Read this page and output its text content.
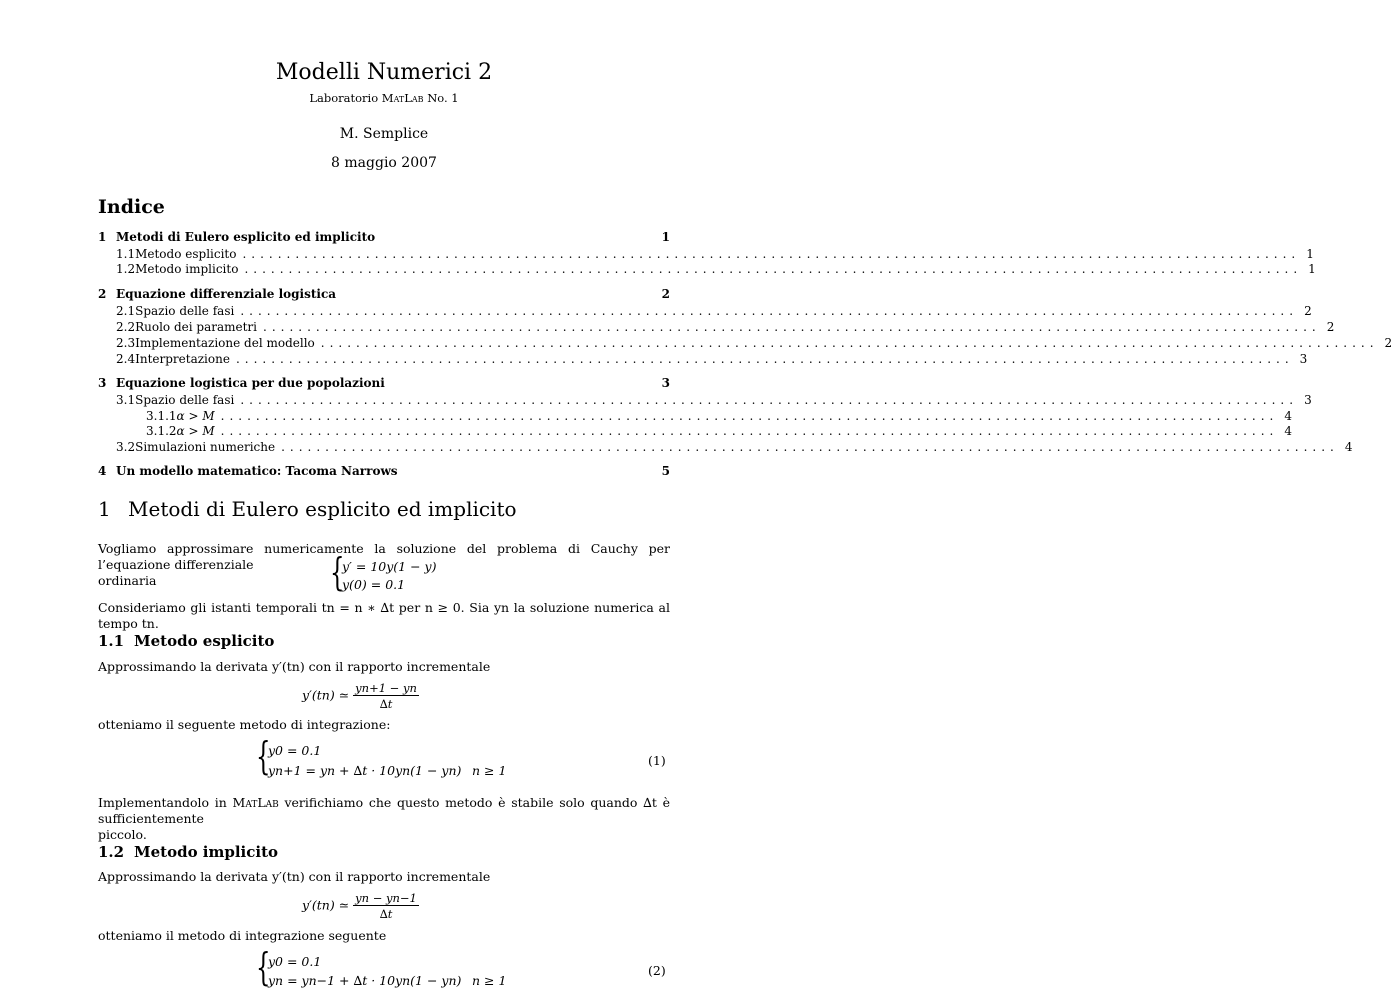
Modelli Numerici 2
Laboratorio MatLab No. 1
M. Semplice
8 maggio 2007
Indice
1 Metodi di Eulero esplicito ed implicito	1
1.1 Metodo esplicito ........................................................................................................................ 1
1.2 Metodo implicito ........................................................................................................................ 1
2 Equazione differenziale logistica	2
2.1 Spazio delle fasi ........................................................................................................................ 2
2.2 Ruolo dei parametri ........................................................................................................................ 2
2.3 Implementazione del modello ........................................................................................................................ 2
2.4 Interpretazione ........................................................................................................................ 3
3 Equazione logistica per due popolazioni	3
3.1 Spazio delle fasi ........................................................................................................................ 3
3.1.1 α > M ........................................................................................................................ 4
3.1.2 α > M ........................................................................................................................ 4
3.2 Simulazioni numeriche ........................................................................................................................ 4
4 Un modello matematico: Tacoma Narrows	5
1 Metodi di Eulero esplicito ed implicito
Vogliamo approssimare numericamente la soluzione del problema di Cauchy per l’equazione differenziale
ordinaria	{
y′ = 10y(1 − y)
y(0) = 0.1
Consideriamo gli istanti temporali tn = n ∗ ∆t per n ≥ 0. Sia yn la soluzione numerica al tempo tn.
1.1 Metodo esplicito
Approssimando la derivata y′(tn) con il rapporto incrementale
y′(tn) ≃ $\frac{yn+1 - yn}{\Delta t}$
otteniamo il seguente metodo di integrazione:
{
y0 = 0.1
yn+1 = yn + ∆t · 10yn(1 − yn) n ≥ 1
(1)
Implementandolo in MatLab verifichiamo che questo metodo è stabile solo quando ∆t è sufficientemente
piccolo.
1.2 Metodo implicito
Approssimando la derivata y′(tn) con il rapporto incrementale
y′(tn) ≃ $\frac{yn - yn-1}{\Delta t}$
otteniamo il metodo di integrazione seguente
{
y0 = 0.1
yn = yn−1 + ∆t · 10yn(1 − yn) n ≥ 1
(2)
